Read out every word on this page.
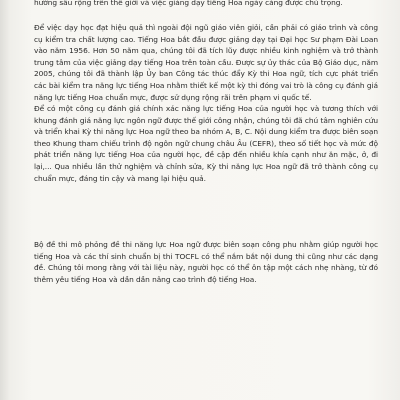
hướng sâu rộng trên thế giới và việc giảng dạy tiếng Hoa ngày càng được chú trọng.

Để việc dạy học đạt hiệu quả thì ngoài đội ngũ giáo viên giỏi, cần phải có giáo trình và công cụ kiểm tra chất lượng cao. Tiếng Hoa bắt đầu được giảng dạy tại Đại học Sư phạm Đài Loan vào năm 1956. Hơn 50 năm qua, chúng tôi đã tích lũy được nhiều kinh nghiệm và trở thành trung tâm của việc giảng dạy tiếng Hoa trên toàn cầu. Được sự ủy thác của Bộ Giáo dục, năm 2005, chúng tôi đã thành lập Ủy ban Công tác thúc đẩy Kỳ thi Hoa ngữ, tích cực phát triển các bài kiểm tra năng lực tiếng Hoa nhằm thiết kế một kỳ thi đóng vai trò là công cụ đánh giá năng lực tiếng Hoa chuẩn mực, được sử dụng rộng rãi trên phạm vi quốc tế.

Để có một công cụ đánh giá chính xác năng lực tiếng Hoa của người học và tương thích với khung đánh giá năng lực ngôn ngữ được thế giới công nhận, chúng tôi đã chú tâm nghiên cứu và triển khai Kỳ thi năng lực Hoa ngữ theo ba nhóm A, B, C. Nội dung kiểm tra được biên soạn theo Khung tham chiếu trình độ ngôn ngữ chung châu Âu (CEFR), theo số tiết học và mức độ phát triển năng lực tiếng Hoa của người học, đề cập đến nhiều khía cạnh như ăn mặc, ở, đi lại,... Qua nhiều lần thử nghiệm và chỉnh sửa, Kỳ thi năng lực Hoa ngữ đã trở thành công cụ chuẩn mực, đáng tin cậy và mang lại hiệu quả.

Bộ đề thi mô phỏng đề thi năng lực Hoa ngữ được biên soạn công phu nhằm giúp người học tiếng Hoa và các thí sinh chuẩn bị thi TOCFL có thể nắm bắt nội dung thi cũng như các dạng đề. Chúng tôi mong rằng với tài liệu này, người học có thể ôn tập một cách nhẹ nhàng, từ đó thêm yêu tiếng Hoa và dần dần nâng cao trình độ tiếng Hoa.
